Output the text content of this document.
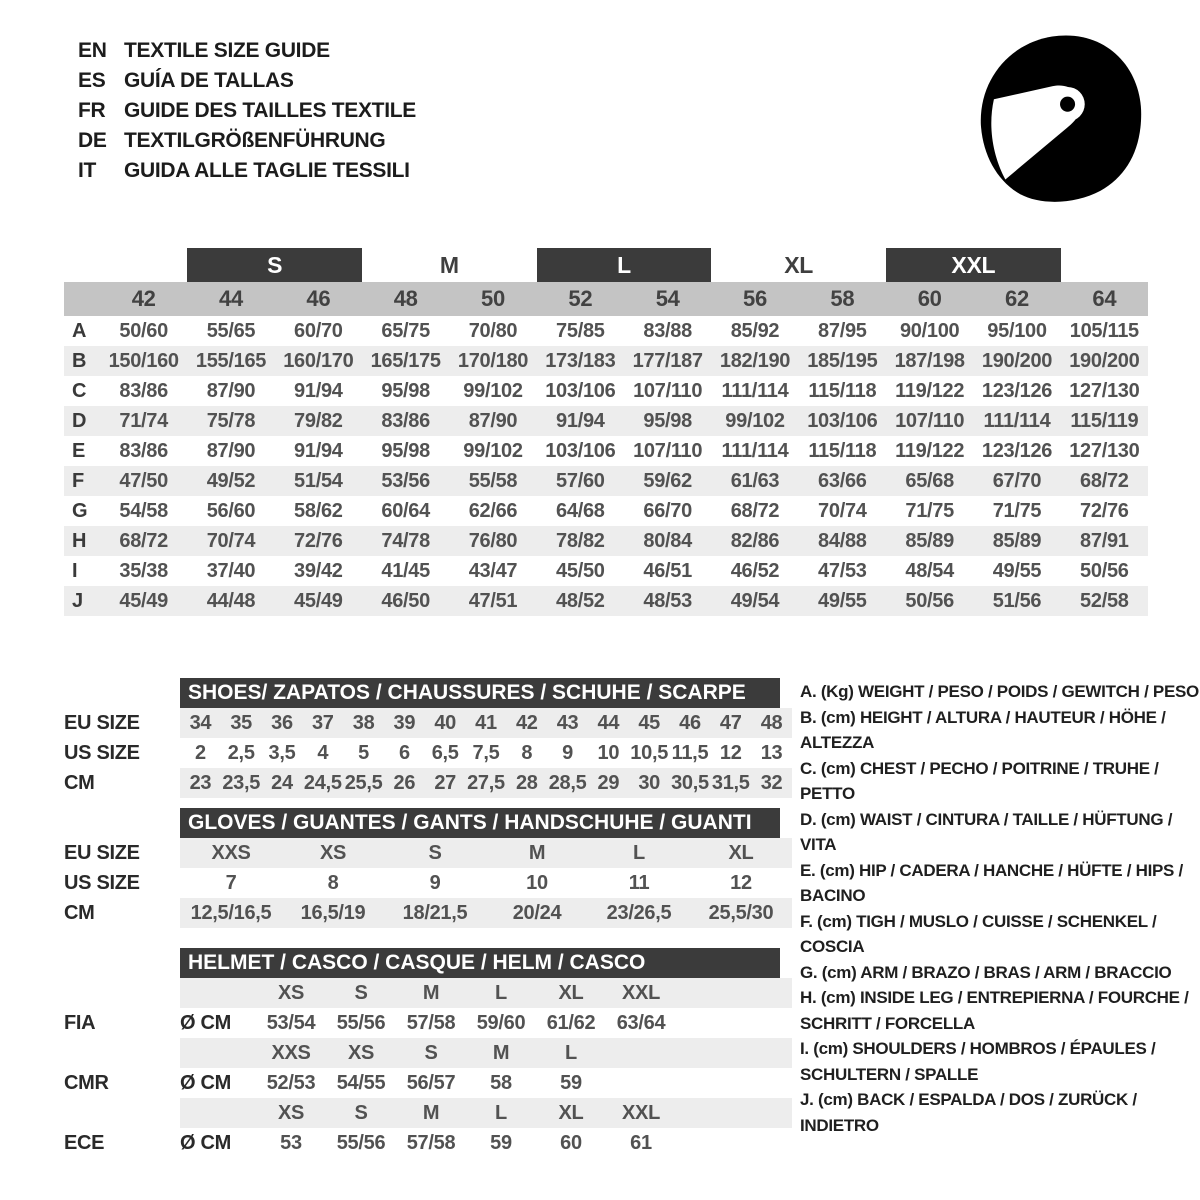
EN TEXTILE SIZE GUIDE
ES GUÍA DE TALLAS
FR GUIDE DES TAILLES TEXTILE
DE TEXTILGRÖßENFÜHRUNG
IT	GUIDA ALLE TAGLIE TESSILI
S	M	L	XL	XXL
42	44	46	48	50	52	54	56	58	60	62	64
A	50/60	55/65	60/70	65/75	70/80	75/85	83/88	85/92	87/95	90/100	95/100	105/115
B	150/160 155/165 160/170 165/175 170/180 173/183 177/187 182/190 185/195 187/198 190/200 190/200
C	83/86	87/90	91/94	95/98	99/102	103/106 107/110 111/114 115/118 119/122 123/126 127/130
D	71/74	75/78	79/82	83/86	87/90	91/94	95/98	99/102	103/106 107/110 111/114 115/119
E	83/86	87/90	91/94	95/98	99/102	103/106 107/110 111/114 115/118 119/122 123/126 127/130
F	47/50	49/52	51/54	53/56	55/58	57/60	59/62	61/63	63/66	65/68	67/70	68/72
G	54/58	56/60	58/62	60/64	62/66	64/68	66/70	68/72	70/74	71/75	71/75	72/76
H	68/72	70/74	72/76	74/78	76/80	78/82	80/84	82/86	84/88	85/89	85/89	87/91
I	35/38	37/40	39/42	41/45	43/47	45/50	46/51	46/52	47/53	48/54	49/55	50/56
J	45/49	44/48	45/49	46/50	47/51	48/52	48/53	49/54	49/55	50/56	51/56	52/58
SHOES/ ZAPATOS / CHAUSSURES / SCHUHE / SCARPE
EU SIZE	34 35 36 37 38 39 40 41 42 43 44 45 46 47 48
US SIZE	2	2,5 3,5	4	5	6	6,5 7,5	8	9	10 10,5 11,5 12 13
CM	23 23,5 24 24,5 25,5 26 27 27,5 28 28,5 29 30 30,5 31,5 32
GLOVES / GUANTES / GANTS / HANDSCHUHE / GUANTI
EU SIZE	XXS	XS	S	M	L	XL
US SIZE	7	8	9	10	11	12
CM	12,5/16,5	16,5/19	18/21,5	20/24	23/26,5	25,5/30
HELMET / CASCO / CASQUE / HELM / CASCO
XS	S	M	L	XL	XXL
FIA	Ø CM	53/54	55/56	57/58	59/60	61/62	63/64
XXS	XS	S	M	L
CMR	Ø CM	52/53	54/55	56/57	58	59
XS	S	M	L	XL	XXL
ECE	Ø CM	53	55/56	57/58	59	60	61
A. (Kg) WEIGHT / PESO / POIDS / GEWITCH / PESO
B. (cm) HEIGHT / ALTURA / HAUTEUR / HÖHE / ALTEZZA
C. (cm) CHEST / PECHO / POITRINE / TRUHE / PETTO
D. (cm) WAIST / CINTURA / TAILLE / HÜFTUNG / VITA
E. (cm) HIP / CADERA / HANCHE / HÜFTE / HIPS / BACINO
F. (cm) TIGH / MUSLO / CUISSE / SCHENKEL / COSCIA
G. (cm) ARM / BRAZO / BRAS / ARM / BRACCIO
H. (cm) INSIDE LEG / ENTREPIERNA / FOURCHE / SCHRITT / FORCELLA
I. (cm) SHOULDERS / HOMBROS / ÉPAULES / SCHULTERN / SPALLE
J. (cm) BACK / ESPALDA / DOS / ZURÜCK / INDIETRO
